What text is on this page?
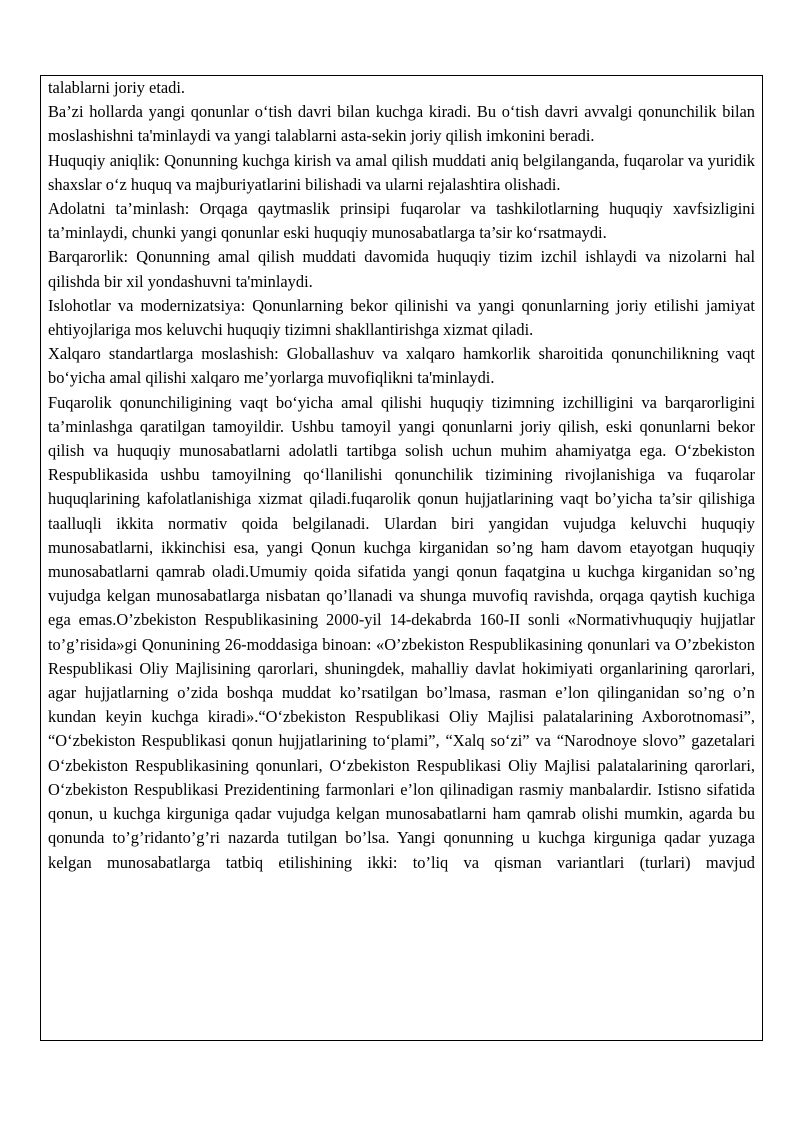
talablarni joriy etadi.

Ba’zi hollarda yangi qonunlar o‘tish davri bilan kuchga kiradi. Bu o‘tish davri avvalgi qonunchilik bilan moslashishni ta'minlaydi va yangi talablarni asta-sekin joriy qilish imkonini beradi.

Huquqiy aniqlik: Qonunning kuchga kirish va amal qilish muddati aniq belgilanganda, fuqarolar va yuridik shaxslar o‘z huquq va majburiyatlarini bilishadi va ularni rejalashtira olishadi.

Adolatni ta’minlash: Orqaga qaytmaslik prinsipi fuqarolar va tashkilotlarning huquqiy xavfsizligini ta’minlaydi, chunki yangi qonunlar eski huquqiy munosabatlarga ta’sir ko‘rsatmaydi.

Barqarorlik: Qonunning amal qilish muddati davomida huquqiy tizim izchil ishlaydi va nizolarni hal qilishda bir xil yondashuvni ta'minlaydi.

Islohotlar va modernizatsiya: Qonunlarning bekor qilinishi va yangi qonunlarning joriy etilishi jamiyat ehtiyojlariga mos keluvchi huquqiy tizimni shakllantirishga xizmat qiladi.

Xalqaro standartlarga moslashish: Globallashuv va xalqaro hamkorlik sharoitida qonunchilikning vaqt bo‘yicha amal qilishi xalqaro me’yorlarga muvofiqlikni ta'minlaydi.

Fuqarolik qonunchiligining vaqt bo‘yicha amal qilishi huquqiy tizimning izchilligini va barqarorligini ta’minlashga qaratilgan tamoyildir. Ushbu tamoyil yangi qonunlarni joriy qilish, eski qonunlarni bekor qilish va huquqiy munosabatlarni adolatli tartibga solish uchun muhim ahamiyatga ega. O‘zbekiston Respublikasida ushbu tamoyilning qo‘llanilishi qonunchilik tizimining rivojlanishiga va fuqarolar huquqlarining kafolatlanishiga xizmat qiladi.fuqarolik qonun hujjatlarining vaqt bo’yicha ta’sir qilishiga taalluqli ikkita normativ qoida belgilanadi. Ulardan biri yangidan vujudga keluvchi huquqiy munosabatlarni, ikkinchisi esa, yangi Qonun kuchga kirganidan so’ng ham davom etayotgan huquqiy munosabatlarni qamrab oladi.Umumiy qoida sifatida yangi qonun faqatgina u kuchga kirganidan so’ng vujudga kelgan munosabatlarga nisbatan qo’llanadi va shunga muvofiq ravishda, orqaga qaytish kuchiga ega emas.O’zbekiston Respublikasining 2000-yil 14-dekabrda 160-II sonli «Normativhuquqiy hujjatlar to’g’risida»gi Qonunining 26-moddasiga binoan: «O’zbekiston Respublikasining qonunlari va O’zbekiston Respublikasi Oliy Majlisining qarorlari, shuningdek, mahalliy davlat hokimiyati organlarining qarorlari, agar hujjatlarning o’zida boshqa muddat ko’rsatilgan bo’lmasa, rasman e’lon qilinganidan so’ng o’n kundan keyin kuchga kiradi».“O‘zbekiston Respublikasi Oliy Majlisi palatalarining Axborotnomasi”, “O‘zbekiston Respublikasi qonun hujjatlarining to‘plami”, “Xalq so‘zi” va “Narodnoye slovo” gazetalari O‘zbekiston Respublikasining qonunlari, O‘zbekiston Respublikasi Oliy Majlisi palatalarining qarorlari, O‘zbekiston Respublikasi Prezidentining farmonlari e’lon qilinadigan rasmiy manbalardir. Istisno sifatida qonun, u kuchga kirguniga qadar vujudga kelgan munosabatlarni ham qamrab olishi mumkin, agarda bu qonunda to’g’ridanto’g’ri nazarda tutilgan bo’lsa. Yangi qonunning u kuchga kirguniga qadar yuzaga kelgan munosabatlarga tatbiq etilishining ikki: to’liq va qisman variantlari (turlari) mavjud
